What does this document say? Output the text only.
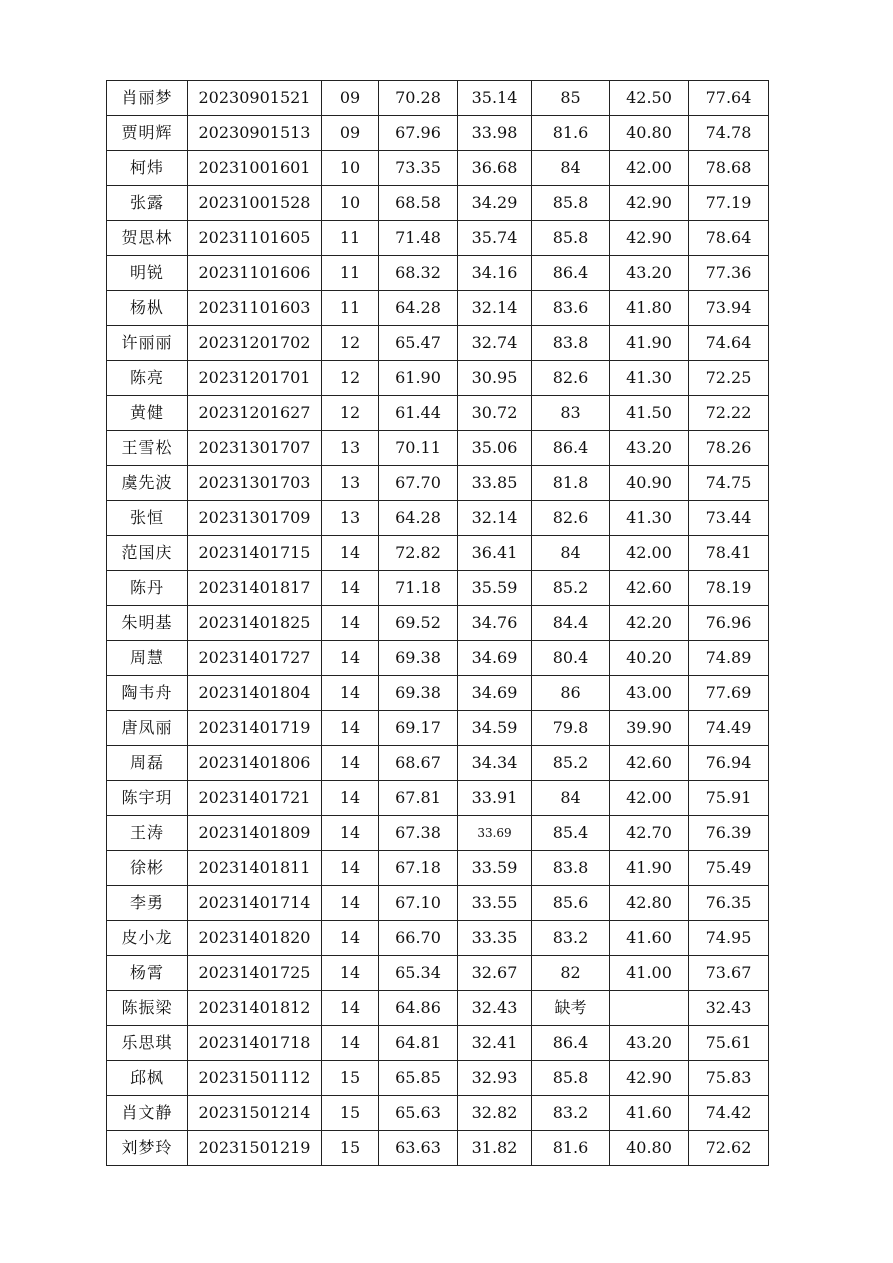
肖丽梦	20230901521	09	70.28	35.14	85	42.50	77.64
贾明辉	20230901513	09	67.96	33.98	81.6	40.80	74.78
柯炜	20231001601	10	73.35	36.68	84	42.00	78.68
张露	20231001528	10	68.58	34.29	85.8	42.90	77.19
贺思林	20231101605	11	71.48	35.74	85.8	42.90	78.64
明锐	20231101606	11	68.32	34.16	86.4	43.20	77.36
杨枞	20231101603	11	64.28	32.14	83.6	41.80	73.94
许丽丽	20231201702	12	65.47	32.74	83.8	41.90	74.64
陈亮	20231201701	12	61.90	30.95	82.6	41.30	72.25
黄健	20231201627	12	61.44	30.72	83	41.50	72.22
王雪松	20231301707	13	70.11	35.06	86.4	43.20	78.26
虞先波	20231301703	13	67.70	33.85	81.8	40.90	74.75
张恒	20231301709	13	64.28	32.14	82.6	41.30	73.44
范国庆	20231401715	14	72.82	36.41	84	42.00	78.41
陈丹	20231401817	14	71.18	35.59	85.2	42.60	78.19
朱明基	20231401825	14	69.52	34.76	84.4	42.20	76.96
周慧	20231401727	14	69.38	34.69	80.4	40.20	74.89
陶韦舟	20231401804	14	69.38	34.69	86	43.00	77.69
唐凤丽	20231401719	14	69.17	34.59	79.8	39.90	74.49
周磊	20231401806	14	68.67	34.34	85.2	42.60	76.94
陈宇玥	20231401721	14	67.81	33.91	84	42.00	75.91
王涛	20231401809	14	67.38	33.69	85.4	42.70	76.39
徐彬	20231401811	14	67.18	33.59	83.8	41.90	75.49
李勇	20231401714	14	67.10	33.55	85.6	42.80	76.35
皮小龙	20231401820	14	66.70	33.35	83.2	41.60	74.95
杨霄	20231401725	14	65.34	32.67	82	41.00	73.67
陈振梁	20231401812	14	64.86	32.43	缺考		32.43
乐思琪	20231401718	14	64.81	32.41	86.4	43.20	75.61
邱枫	20231501112	15	65.85	32.93	85.8	42.90	75.83
肖文静	20231501214	15	65.63	32.82	83.2	41.60	74.42
刘梦玲	20231501219	15	63.63	31.82	81.6	40.80	72.62
